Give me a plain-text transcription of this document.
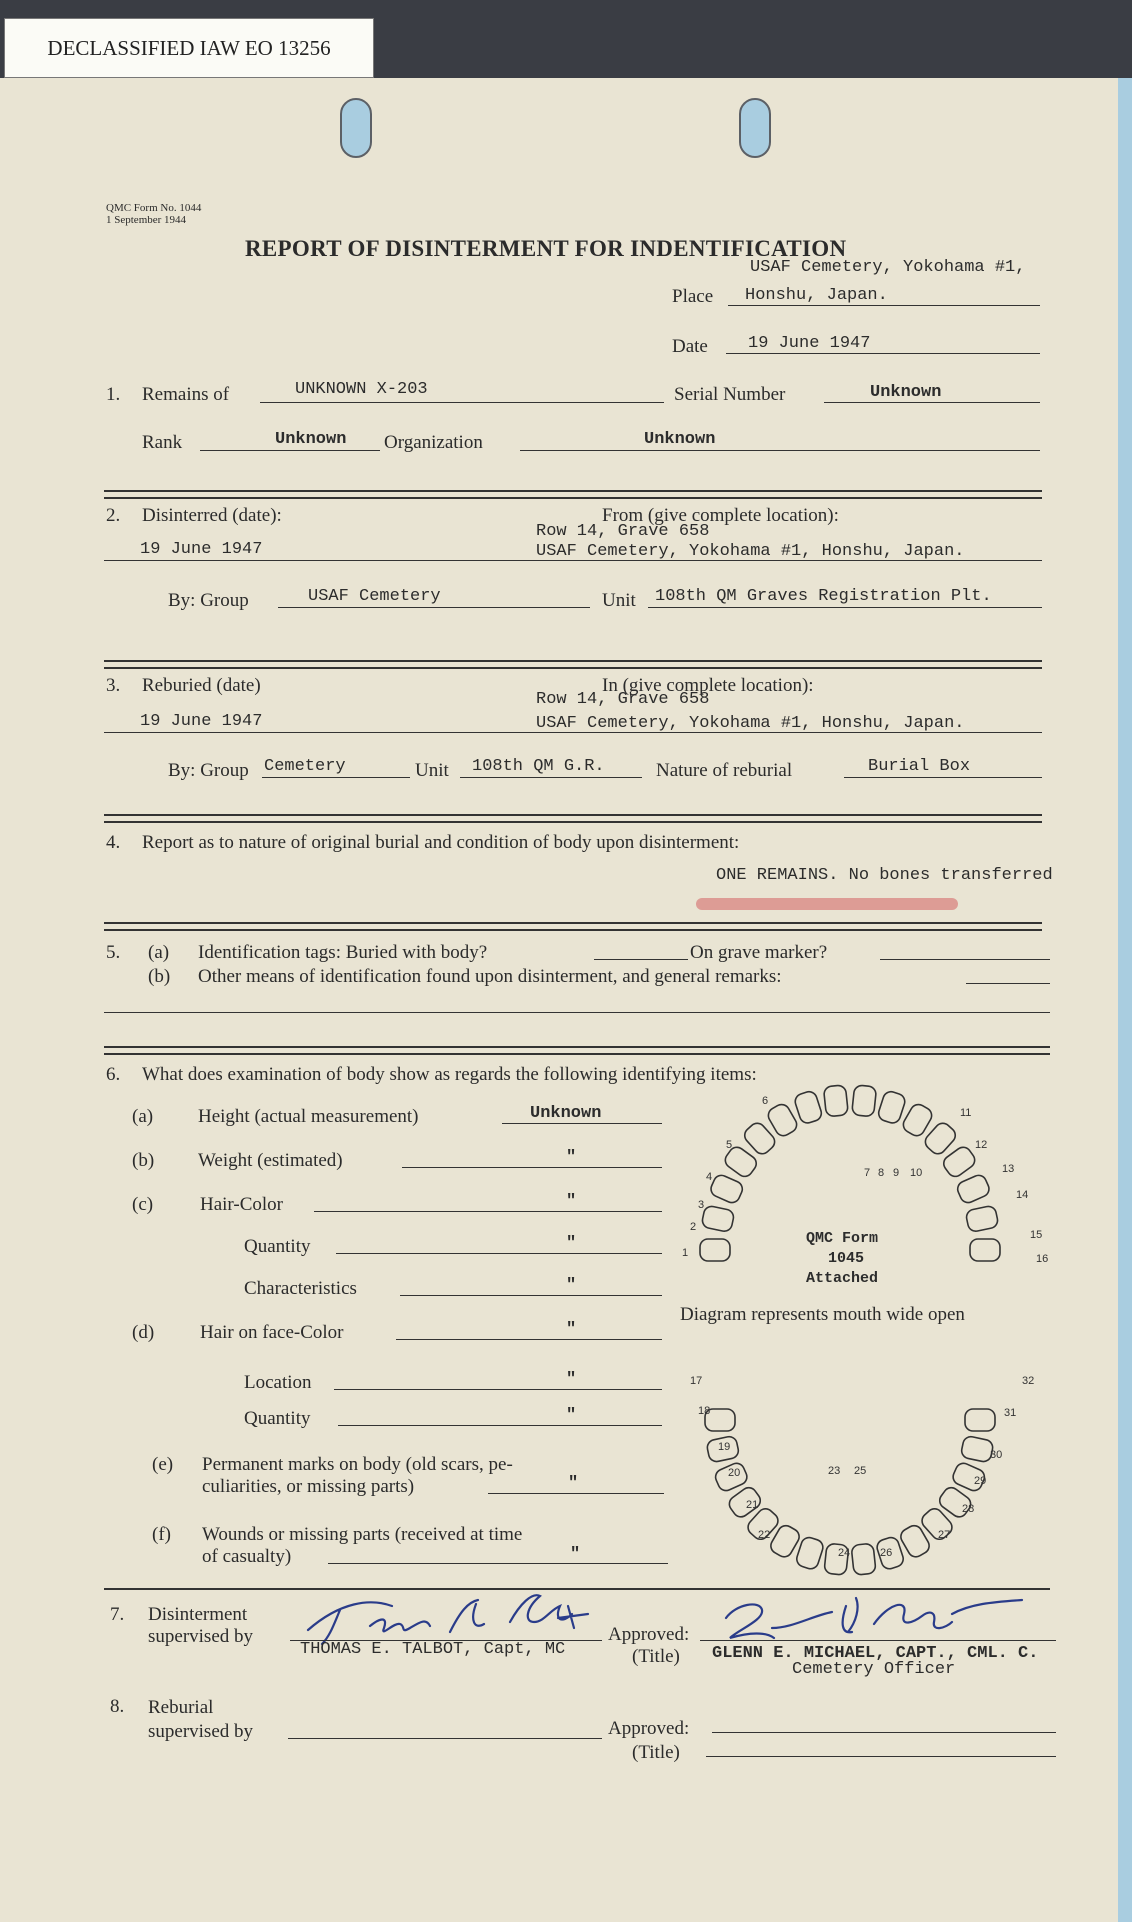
DECLASSIFIED IAW EO 13256
QMC Form No. 1044
1 September 1944
REPORT OF DISINTERMENT FOR INDENTIFICATION
USAF Cemetery, Yokohama #1,
Place Honshu, Japan.
Date 19 June 1947
1. Remains of	UNKNOWN X-203	Serial Number	Unknown
Rank	Unknown Organization	Unknown
2. Disinterred (date):	From (give complete location):
Row 14, Grave 658
19 June 1947	USAF Cemetery, Yokohama #1, Honshu, Japan.
By: Group	USAF Cemetery	Unit 108th QM Graves Registration Plt.
3. Reburied (date)	In (give complete location):
Row 14, Grave 658
19 June 1947	USAF Cemetery, Yokohama #1, Honshu, Japan.
By: Group Cemetery	Unit 108th QM G.R.	Nature of reburial	Burial Box
4. Report as to nature of original burial and condition of body upon disinterment:
ONE REMAINS. No bones transferred
5. (a) Identification tags: Buried with body?	On grave marker?
(b) Other means of identification found upon disinterment, and general remarks:
6. What does examination of body show as regards the following identifying items:
(a) Height (actual measurement)	Unknown
(b) Weight (estimated)	"
(c) Hair-Color	"
Quantity	"
Characteristics	"
(d) Hair on face-Color	"
Location	"
Quantity	"
(e) Permanent marks on body (old scars, pe-
culiarities, or missing parts)	"
(f) Wounds or missing parts (received at time
of casualty)	"
1
2
3
4
5
6
7 8 9 10
11
12
13
14
15
16
17
18
19
20
21
22
23
24
25
26
27
28
29
30
31
32
QMC Form
1045
Attached
Diagram represents mouth wide open
7. Disinterment
supervised by
THOMAS E. TALBOT, Capt, MC
Approved:
(Title) GLENN E. MICHAEL, CAPT., CML. C.
Cemetery Officer
8. Reburial
supervised by	Approved:
(Title)
